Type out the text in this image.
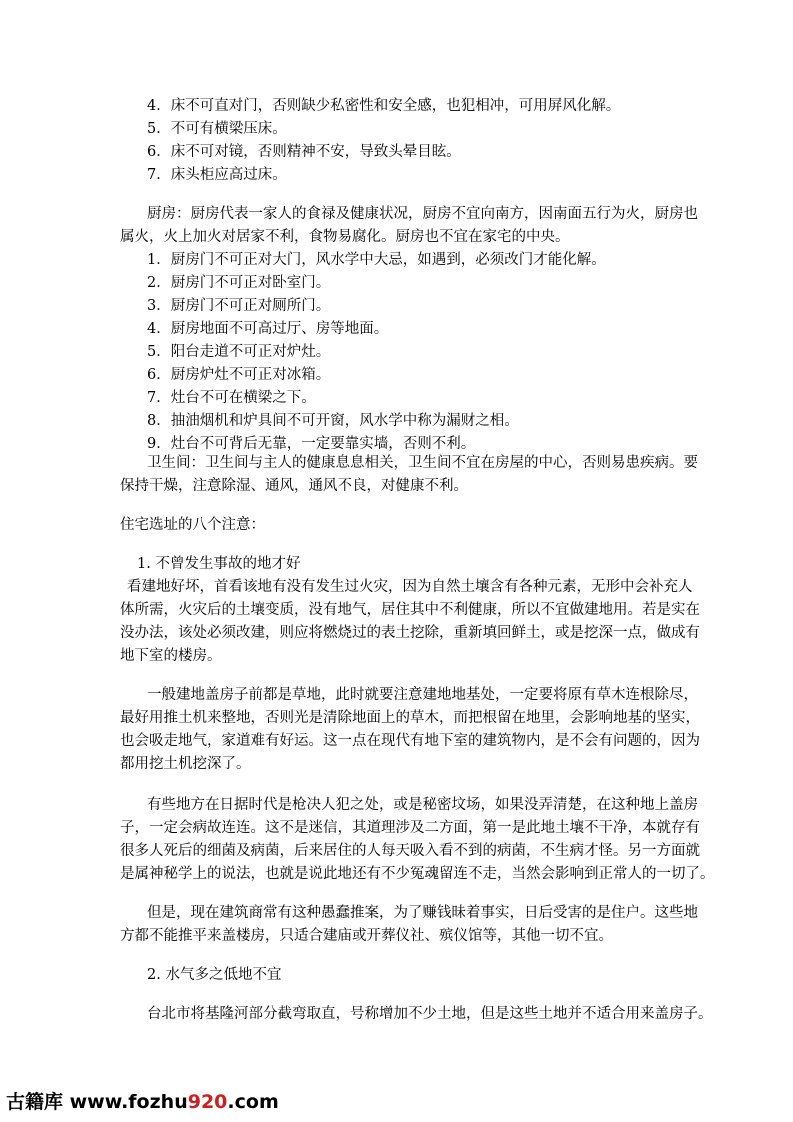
4．床不可直对门，否则缺少私密性和安全感，也犯相冲，可用屏风化解。

5．不可有横梁压床。

6．床不可对镜，否则精神不安，导致头晕目眩。

7．床头柜应高过床。

厨房：厨房代表一家人的食禄及健康状况，厨房不宜向南方，因南面五行为火，厨房也

属火，火上加火对居家不利，食物易腐化。厨房也不宜在家宅的中央。

1．厨房门不可正对大门，风水学中大忌，如遇到，必须改门才能化解。

2．厨房门不可正对卧室门。

3．厨房门不可正对厕所门。

4．厨房地面不可高过厅、房等地面。

5．阳台走道不可正对炉灶。

6．厨房炉灶不可正对冰箱。

7．灶台不可在横梁之下。

8．抽油烟机和炉具间不可开窗，风水学中称为漏财之相。

9．灶台不可背后无靠，一定要靠实墙，否则不利。

卫生间：卫生间与主人的健康息息相关，卫生间不宜在房屋的中心，否则易患疾病。要

保持干燥，注意除湿、通风，通风不良，对健康不利。

住宅选址的八个注意：

1. 不曾发生事故的地才好

看建地好坏，首看该地有没有发生过火灾，因为自然土壤含有各种元素，无形中会补充人

体所需，火灾后的土壤变质，没有地气，居住其中不利健康，所以不宜做建地用。若是实在

没办法，该处必须改建，则应将燃烧过的表土挖除，重新填回鲜土，或是挖深一点，做成有

地下室的楼房。

一般建地盖房子前都是草地，此时就要注意建地地基处，一定要将原有草木连根除尽，

最好用推土机来整地，否则光是清除地面上的草木，而把根留在地里，会影响地基的坚实，

也会吸走地气，家道难有好运。这一点在现代有地下室的建筑物内，是不会有问题的，因为

都用挖土机挖深了。

有些地方在日据时代是枪决人犯之处，或是秘密坟场，如果没弄清楚，在这种地上盖房

子，一定会病故连连。这不是迷信，其道理涉及二方面，第一是此地土壤不干净，本就存有

很多人死后的细菌及病菌，后来居住的人每天吸入看不到的病菌，不生病才怪。另一方面就

是属神秘学上的说法，也就是说此地还有不少冤魂留连不走，当然会影响到正常人的一切了。

但是，现在建筑商常有这种愚蠢推案，为了赚钱昧着事实，日后受害的是住户。这些地

方都不能推平来盖楼房，只适合建庙或开葬仪社、殡仪馆等，其他一切不宜。

2. 水气多之低地不宜

台北市将基隆河部分截弯取直，号称增加不少土地，但是这些土地并不适合用来盖房子。

古籍库 www.fozhu920.com
